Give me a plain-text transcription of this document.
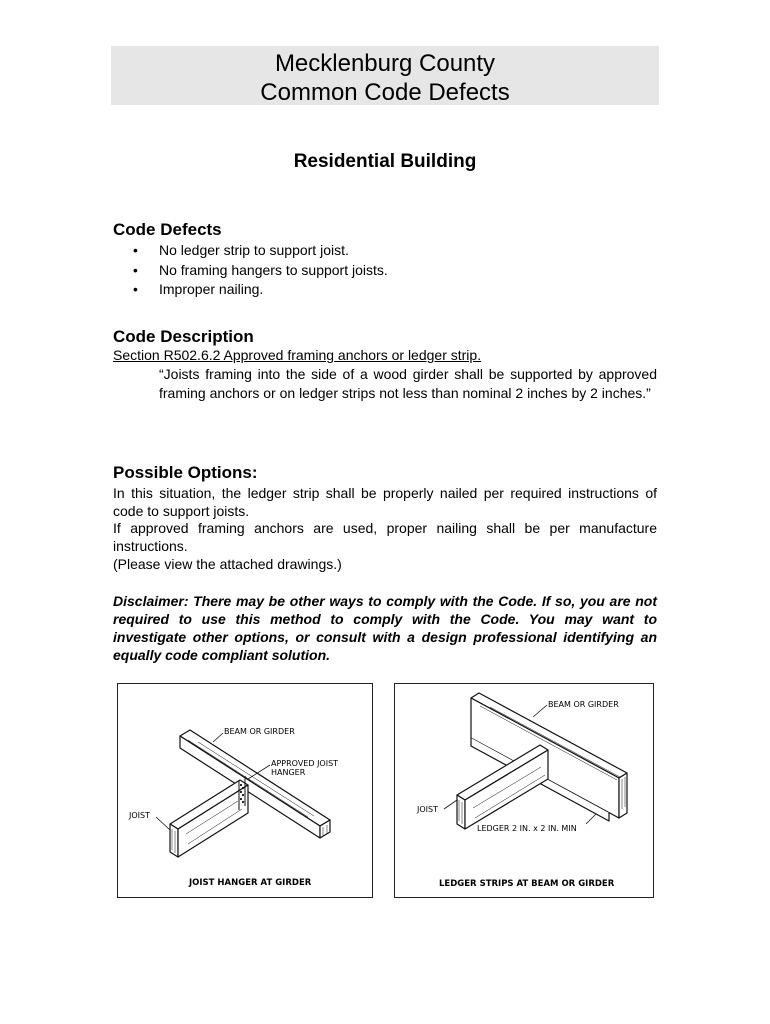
Mecklenburg County
Common Code Defects
Residential Building
Code Defects
• No ledger strip to support joist.
• No framing hangers to support joists.
• Improper nailing.
Code Description
Section R502.6.2 Approved framing anchors or ledger strip.
“Joists framing into the side of a wood girder shall be supported by approved framing anchors or on ledger strips not less than nominal 2 inches by 2 inches.”
Possible Options:
In this situation, the ledger strip shall be properly nailed per required instructions of code to support joists.
If approved framing anchors are used, proper nailing shall be per manufacture instructions.
(Please view the attached drawings.)
Disclaimer: There may be other ways to comply with the Code. If so, you are not required to use this method to comply with the Code. You may want to investigate other options, or consult with a design professional identifying an equally code compliant solution.
BEAM OR GIRDER
APPROVED JOIST
HANGER
JOIST
JOIST HANGER AT GIRDER
BEAM OR GIRDER
JOIST
LEDGER 2 IN. x 2 IN. MIN
LEDGER STRIPS AT BEAM OR GIRDER
